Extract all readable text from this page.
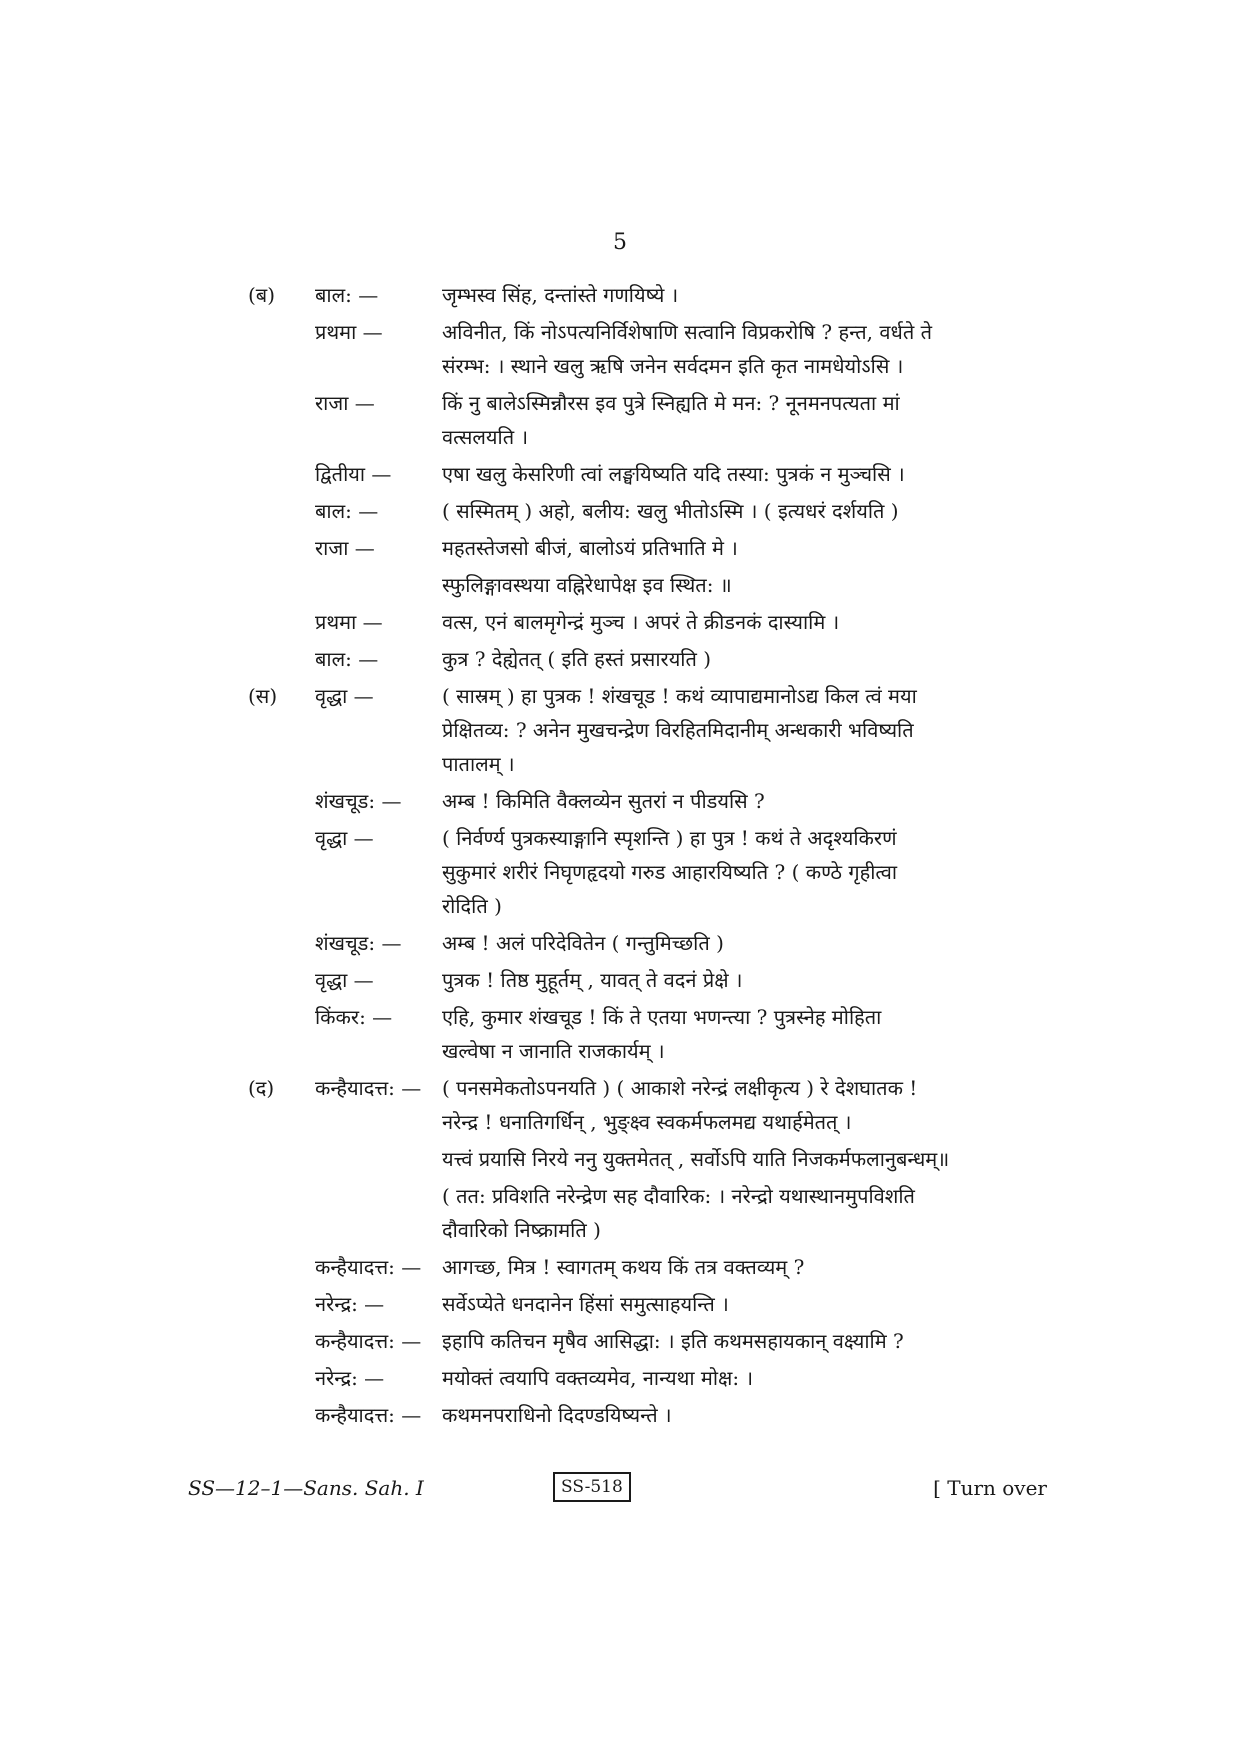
5
(ब) बाल: —	जृम्भस्व सिंह, दन्तांस्ते गणयिष्ये ।
प्रथमा —	अविनीत, किं नोऽपत्यनिर्विशेषाणि सत्वानि विप्रकरोषि ? हन्त, वर्धते ते
संरम्भ: । स्थाने खलु ऋषि जनेन सर्वदमन इति कृत नामधेयोऽसि ।
राजा —	किं नु बालेऽस्मिन्नौरस इव पुत्रे स्निह्यति मे मन: ? नूनमनपत्यता मां
वत्सलयति ।
द्वितीया —	एषा खलु केसरिणी त्वां लङ्घयिष्यति यदि तस्या: पुत्रकं न मुञ्चसि ।
बाल: —	( सस्मितम् ) अहो, बलीय: खलु भीतोऽस्मि । ( इत्यधरं दर्शयति )
राजा —	महतस्तेजसो बीजं, बालोऽयं प्रतिभाति मे ।
स्फुलिङ्गावस्थया वह्निरेधापेक्ष इव स्थित: ॥
प्रथमा —	वत्स, एनं बालमृगेन्द्रं मुञ्च । अपरं ते क्रीडनकं दास्यामि ।
बाल: —	कुत्र ? देह्येतत् ( इति हस्तं प्रसारयति )
(स) वृद्धा —	( सास्रम् ) हा पुत्रक ! शंखचूड ! कथं व्यापाद्यमानोऽद्य किल त्वं मया
प्रेक्षितव्य: ? अनेन मुखचन्द्रेण विरहितमिदानीम् अन्धकारी भविष्यति
पातालम् ।
शंखचूड: — अम्ब ! किमिति वैक्लव्येन सुतरां न पीडयसि ?
वृद्धा —	( निर्वर्ण्य पुत्रकस्याङ्गानि स्पृशन्ति ) हा पुत्र ! कथं ते अदृश्यकिरणं
सुकुमारं शरीरं निघृणहृदयो गरुड आहारयिष्यति ? ( कण्ठे गृहीत्वा
रोदिति )
शंखचूड: — अम्ब ! अलं परिदेवितेन ( गन्तुमिच्छति )
वृद्धा —	पुत्रक ! तिष्ठ मुहूर्तम् , यावत् ते वदनं प्रेक्षे ।
किंकर: — एहि, कुमार शंखचूड ! किं ते एतया भणन्त्या ? पुत्रस्नेह मोहिता
खल्वेषा न जानाति राजकार्यम् ।
(द) कन्हैयादत्त: — ( पनसमेकतोऽपनयति ) ( आकाशे नरेन्द्रं लक्षीकृत्य ) रे देशघातक !
नरेन्द्र ! धनातिगर्धिन् , भुङ्क्ष्व स्वकर्मफलमद्य यथार्हमेतत् ।
यत्त्वं प्रयासि निरये ननु युक्तमेतत् , सर्वोऽपि याति निजकर्मफलानुबन्धम्॥
( तत: प्रविशति नरेन्द्रेण सह दौवारिक: । नरेन्द्रो यथास्थानमुपविशति
दौवारिको निष्क्रामति )
कन्हैयादत्त: — आगच्छ, मित्र ! स्वागतम् कथय किं तत्र वक्तव्यम् ?
नरेन्द्र: —	सर्वेऽप्येते धनदानेन हिंसां समुत्साहयन्ति ।
कन्हैयादत्त: — इहापि कतिचन मृषैव आसिद्धा: । इति कथमसहायकान् वक्ष्यामि ?
नरेन्द्र: —	मयोक्तं त्वयापि वक्तव्यमेव, नान्यथा मोक्ष: ।
कन्हैयादत्त: — कथमनपराधिनो दिदण्डयिष्यन्ते ।
SS—12–1—Sans. Sah. I	SS-518	[ Turn over
